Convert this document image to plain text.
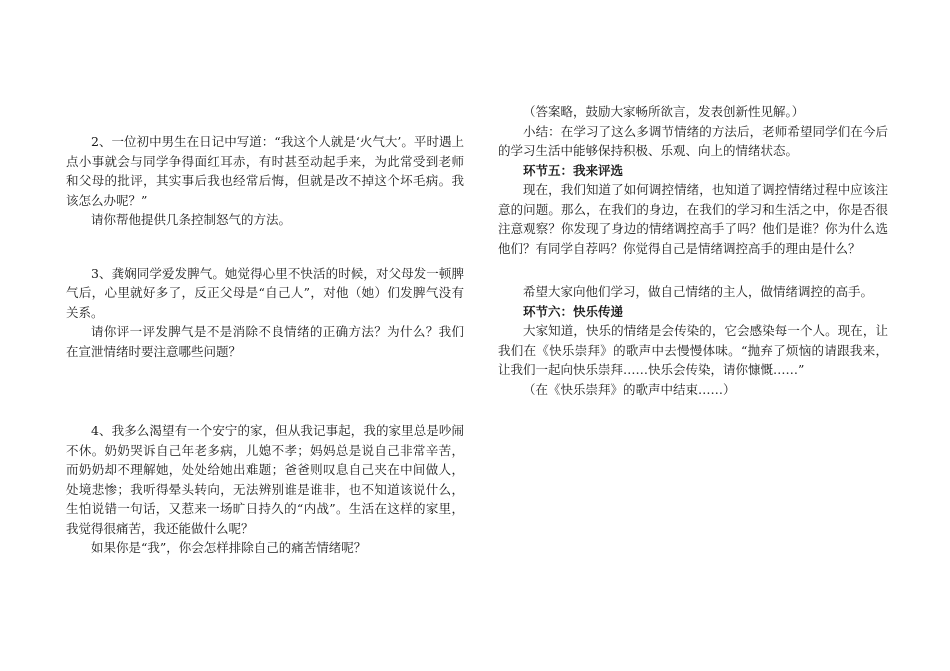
2、一位初中男生在日记中写道：“我这个人就是‘火气大’。平时遇上点小事就会与同学争得面红耳赤，有时甚至动起手来，为此常受到老师和父母的批评，其实事后我也经常后悔，但就是改不掉这个坏毛病。我该怎么办呢？”

请你帮他提供几条控制怒气的方法。

3、龚娴同学爱发脾气。她觉得心里不快活的时候，对父母发一顿脾气后，心里就好多了，反正父母是“自己人”，对他（她）们发脾气没有关系。

请你评一评发脾气是不是消除不良情绪的正确方法？为什么？我们在宣泄情绪时要注意哪些问题？

4、我多么渴望有一个安宁的家，但从我记事起，我的家里总是吵闹不休。奶奶哭诉自己年老多病，儿媳不孝；妈妈总是说自己非常辛苦，而奶奶却不理解她，处处给她出难题；爸爸则叹息自己夹在中间做人，处境悲惨；我听得晕头转向，无法辨别谁是谁非，也不知道该说什么，生怕说错一句话，又惹来一场旷日持久的“内战”。生活在这样的家里，我觉得很痛苦，我还能做什么呢？

如果你是“我”，你会怎样排除自己的痛苦情绪呢？

（答案略，鼓励大家畅所欲言，发表创新性见解。）

小结：在学习了这么多调节情绪的方法后，老师希望同学们在今后的学习生活中能够保持积极、乐观、向上的情绪状态。

环节五：我来评选

现在，我们知道了如何调控情绪，也知道了调控情绪过程中应该注意的问题。那么，在我们的身边，在我们的学习和生活之中，你是否很注意观察？你发现了身边的情绪调控高手了吗？他们是谁？你为什么选他们？有同学自荐吗？你觉得自己是情绪调控高手的理由是什么？

希望大家向他们学习，做自己情绪的主人，做情绪调控的高手。

环节六：快乐传递

大家知道，快乐的情绪是会传染的，它会感染每一个人。现在，让我们在《快乐崇拜》的歌声中去慢慢体味。“抛弃了烦恼的请跟我来，让我们一起向快乐崇拜……快乐会传染，请你慷慨……”

（在《快乐崇拜》的歌声中结束……）
